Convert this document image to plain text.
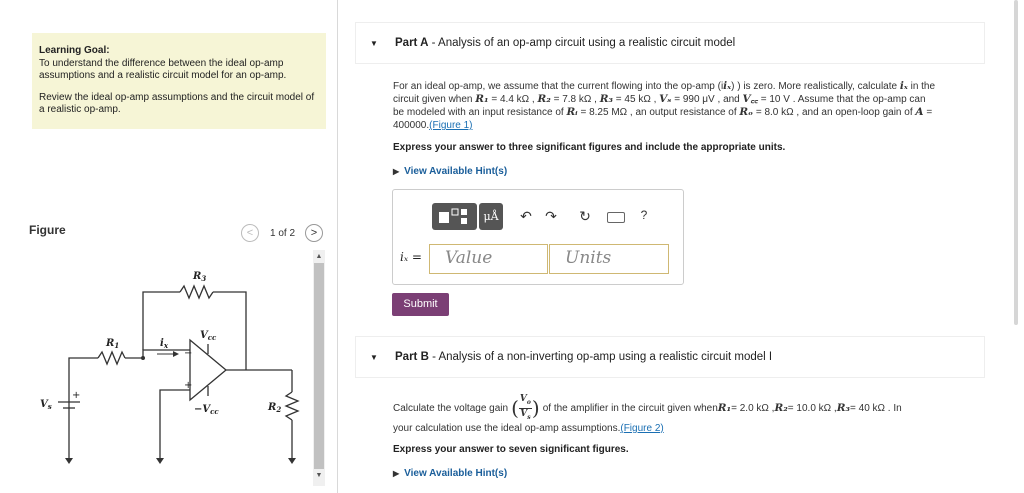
Learning Goal:

To understand the difference between the ideal op-amp assumptions and a realistic circuit model for an op-amp.

Review the ideal op-amp assumptions and the circuit model of a realistic op-amp.

Figure	<	1 of 2	>
$R_3$
$R_1$
$R_2$
$i_x$
$V_{cc}$
$-V_{cc}$
$V_s$
+
−
+
▲
▼
▼ Part A - Analysis of an op-amp circuit using a realistic circuit model
For an ideal op-amp, we assume that the current flowing into the op-amp (iiₓ) ) is zero. More realistically, calculate iₓ in the
circuit given when R₁ = 4.4 kΩ , R₂ = 7.8 kΩ , R₃ = 45 kΩ , Vₛ = 990 μV , and V꜀꜀ = 10 V . Assume that the op-amp can
be modeled with an input resistance of Rᵢ = 8.25 MΩ , an output resistance of Rₒ = 8.0 kΩ , and an open-loop gain of A =
400000.(Figure 1)
Express your answer to three significant figures and include the appropriate units.
▶ View Available Hint(s)
μÅ	↶ ↷ ↻	?
iₓ =	Value	Units
Submit
▼ Part B - Analysis of a non-inverting op-amp using a realistic circuit model I
Calculate the voltage gain ( $V_o$
$V_s$ ) of the amplifier in the circuit given when R₁ = 2.0 kΩ , R₂ = 10.0 kΩ , R₃ = 40 kΩ . In
your calculation use the ideal op-amp assumptions.(Figure 2)
Express your answer to seven significant figures.
▶ View Available Hint(s)
